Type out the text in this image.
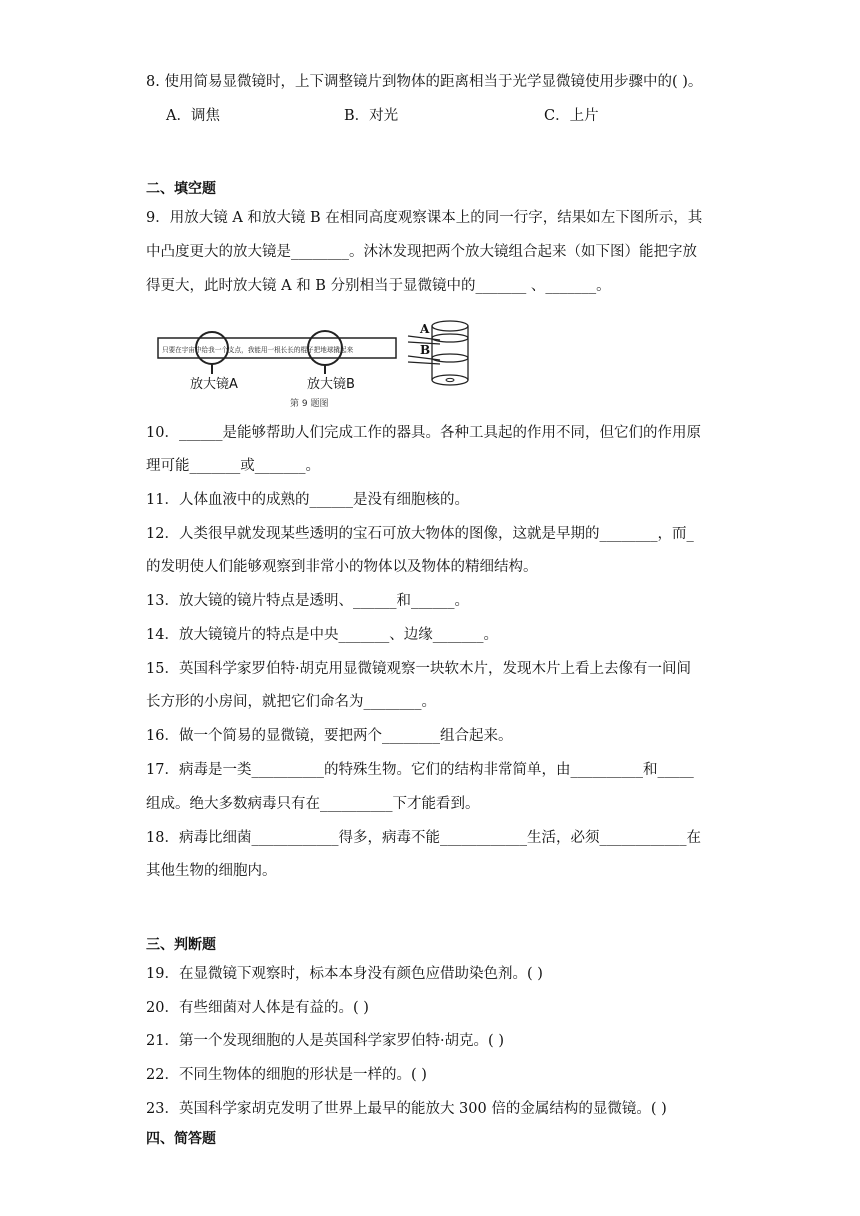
8. 使用简易显微镜时，上下调整镜片到物体的距离相当于光学显微镜使用步骤中的( )。
A．调焦	B．对光	C．上片
二、填空题
9．用放大镜 A 和放大镜 B 在相同高度观察课本上的同一行字，结果如左下图所示，其
中凸度更大的放大镜是________。沐沐发现把两个放大镜组合起来（如下图）能把字放
得更大，此时放大镜 A 和 B 分别相当于显微镜中的_______ 、_______。
只要在宇宙中给我一个支点，我能用一根长长的棍子把地球撬起来
放大镜A	放大镜B
第 9 题图
A
B
10．______是能够帮助人们完成工作的器具。各种工具起的作用不同，但它们的作用原
理可能_______或_______。
11．人体血液中的成熟的______是没有细胞核的。
12．人类很早就发现某些透明的宝石可放大物体的图像，这就是早期的________，而_
的发明使人们能够观察到非常小的物体以及物体的精细结构。
13．放大镜的镜片特点是透明、______和______。
14．放大镜镜片的特点是中央_______、边缘_______。
15．英国科学家罗伯特·胡克用显微镜观察一块软木片，发现木片上看上去像有一间间
长方形的小房间，就把它们命名为________。
16．做一个简易的显微镜，要把两个________组合起来。
17．病毒是一类__________的特殊生物。它们的结构非常简单，由__________和_____
组成。绝大多数病毒只有在__________下才能看到。
18．病毒比细菌____________得多，病毒不能____________生活，必须____________在
其他生物的细胞内。
三、判断题
19．在显微镜下观察时，标本本身没有颜色应借助染色剂。( )
20．有些细菌对人体是有益的。( )
21．第一个发现细胞的人是英国科学家罗伯特·胡克。( )
22．不同生物体的细胞的形状是一样的。( )
23．英国科学家胡克发明了世界上最早的能放大 300 倍的金属结构的显微镜。( )
四、简答题
